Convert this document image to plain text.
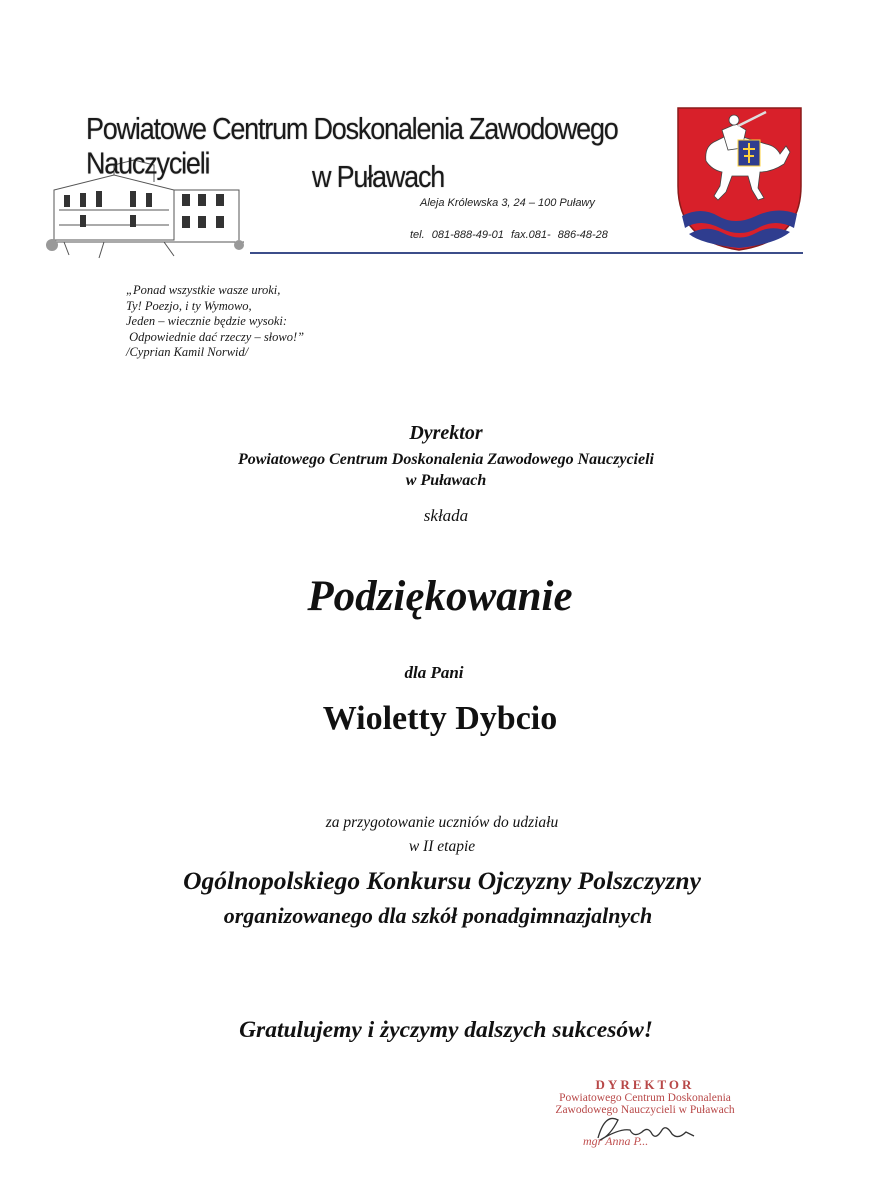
Powiatowe Centrum Doskonalenia Zawodowego Nauczycieli	w Puławach
Aleja Królewska 3, 24 – 100 Puławy
tel. 081-888-49-01 fax.081- 886-48-28
„Ponad wszystkie wasze uroki,
Ty! Poezjo, i ty Wymowo,
Jeden – wiecznie będzie wysoki:
Odpowiednie dać rzeczy – słowo!”
/Cyprian Kamil Norwid/
Dyrektor
Powiatowego Centrum Doskonalenia Zawodowego Nauczycieli
w Puławach
składa
Podziękowanie
dla Pani
Wioletty Dybcio
za przygotowanie uczniów do udziału
w II etapie
Ogólnopolskiego Konkursu Ojczyzny Polszczyzny
organizowanego dla szkół ponadgimnazjalnych
Gratulujemy i życzymy dalszych sukcesów!
DYREKTOR
Powiatowego Centrum Doskonalenia
Zawodowego Nauczycieli w Puławach
mgr Anna P...
